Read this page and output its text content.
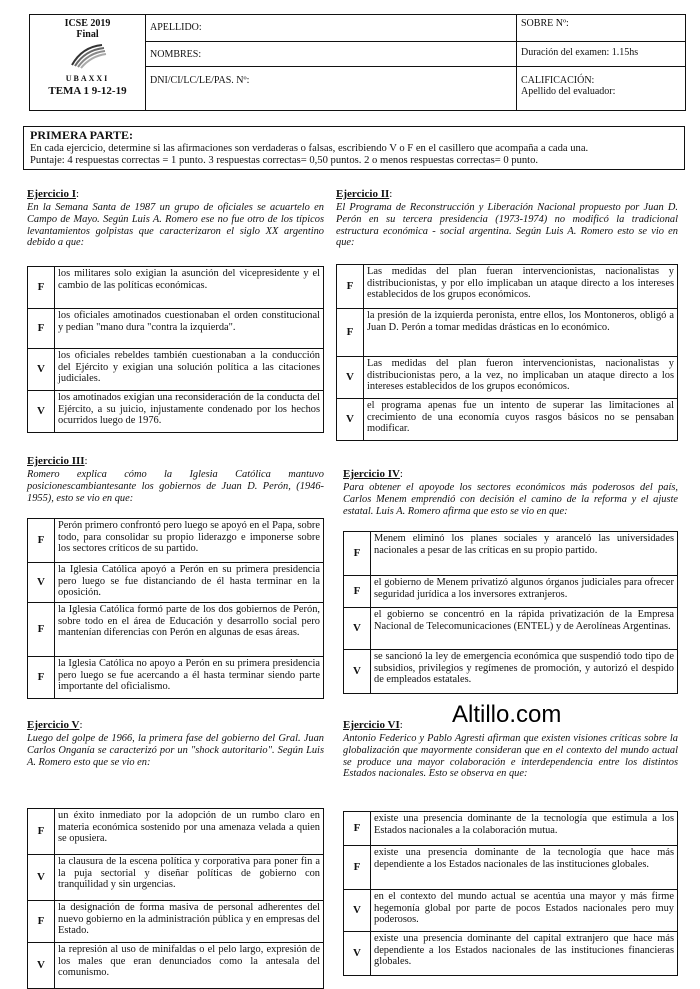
ICSE 2019
Final
UBAXXI
TEMA 1 9-12-19	APELLIDO:	SOBRE Nº:
	NOMBRES:	Duración del examen: 1.15hs
	DNI/CI/LC/LE/PAS. Nº:	CALIFICACIÓN:
Apellido del evaluador:
PRIMERA PARTE:
En cada ejercicio, determine si las afirmaciones son verdaderas o falsas, escribiendo V o F en el casillero que acompaña a cada una.
Puntaje: 4 respuestas correctas = 1 punto. 3 respuestas correctas= 0,50 puntos. 2 o menos respuestas correctas= 0 punto.
Ejercicio I:
En la Semana Santa de 1987 un grupo de oficiales se acuartelo en Campo de Mayo. Según Luis A. Romero ese no fue otro de los típicos levantamientos golpistas que caracterizaron el siglo XX argentino debido a que:
F	los militares solo exigian la asunción del vicepresidente y el cambio de las políticas económicas.
F	los oficiales amotinados cuestionaban el orden constitucional y pedian "mano dura "contra la izquierda".
V	los oficiales rebeldes también cuestionaban a la conducción del Ejército y exigian una solución política a las citaciones judiciales.
V	los amotinados exigian una reconsideración de la conducta del Ejército, a su juicio, injustamente condenado por los hechos ocurridos luego de 1976.
Ejercicio II:
El Programa de Reconstrucción y Liberación Nacional propuesto por Juan D. Perón en su tercera presidencia (1973-1974) no modificó la tradicional estructura económica - social argentina. Según Luis A. Romero esto se vio en que:
F	Las medidas del plan fueran intervencionistas, nacionalistas y distribucionistas, y por ello implicaban un ataque directo a los intereses establecidos de los grupos económicos.
F	la presión de la izquierda peronista, entre ellos, los Montoneros, obligó a Juan D. Perón a tomar medidas drásticas en lo económico.
V	Las medidas del plan fueron intervencionistas, nacionalistas y distribucionistas pero, a la vez, no implicaban un ataque directo a los intereses establecidos de los grupos económicos.
V	el programa apenas fue un intento de superar las limitaciones al crecimiento de una economía cuyos rasgos básicos no se pensaban modificar.
Ejercicio III:
Romero explica cómo la Iglesia Católica mantuvo posicionescambiantesante los gobiernos de Juan D. Perón, (1946-1955), esto se vio en que:
F	Perón primero confrontó pero luego se apoyó en el Papa, sobre todo, para consolidar su propio liderazgo e imponerse sobre los sectores críticos de su partido.
V	la Iglesia Católica apoyó a Perón en su primera presidencia pero luego se fue distanciando de él hasta terminar en la oposición.
F	la Iglesia Católica formó parte de los dos gobiernos de Perón, sobre todo en el área de Educación y desarrollo social pero mantenían diferencias con Perón en algunas de esas áreas.
F	la Iglesia Católica no apoyo a Perón en su primera presidencia pero luego se fue acercando a él hasta terminar siendo parte importante del oficialismo.
Ejercicio IV:
Para obtener el apoyode los sectores económicos más poderosos del país, Carlos Menem emprendió con decisión el camino de la reforma y el ajuste estatal. Luis A. Romero afirma que esto se vio en que:
F	Menem eliminó los planes sociales y aranceló las universidades nacionales a pesar de las críticas en su propio partido.
F	el gobierno de Menem privatizó algunos órganos judiciales para ofrecer seguridad jurídica a los inversores extranjeros.
V	el gobierno se concentró en la rápida privatización de la Empresa Nacional de Telecomunicaciones (ENTEL) y de Aerolíneas Argentinas.
V	se sancionó la ley de emergencia económica que suspendió todo tipo de subsidios, privilegios y regímenes de promoción, y autorizó el despido de empleados estatales.
Altillo.com
Ejercicio V:
Luego del golpe de 1966, la primera fase del gobierno del Gral. Juan Carlos Onganía se caracterizó por un "shock autoritario". Según Luis A. Romero esto que se vio en:
F	un éxito inmediato por la adopción de un rumbo claro en materia económica sostenido por una amenaza velada a quien se opusiera.
V	la clausura de la escena política y corporativa para poner fin a la puja sectorial y diseñar políticas de gobierno con tranquilidad y sin urgencias.
F	la designación de forma masiva de personal adherentes del nuevo gobierno en la administración pública y en empresas del Estado.
V	la represión al uso de minifaldas o el pelo largo, expresión de los males que eran denunciados como la antesala del comunismo.
Ejercicio VI:
Antonio Federico y Pablo Agresti afirman que existen visiones críticas sobre la globalización que mayormente consideran que en el contexto del mundo actual se produce una mayor colaboración e interdependencia entre los distintos Estados nacionales. Esto se observa en que:
F	existe una presencia dominante de la tecnología que estimula a los Estados nacionales a la colaboración mutua.
F	existe una presencia dominante de la tecnología que hace más dependiente a los Estados nacionales de las instituciones globales.
V	en el contexto del mundo actual se acentúa una mayor y más firme hegemonía global por parte de pocos Estados nacionales pero muy poderosos.
V	existe una presencia dominante del capital extranjero que hace más dependiente a los Estados nacionales de las instituciones financieras globales.
